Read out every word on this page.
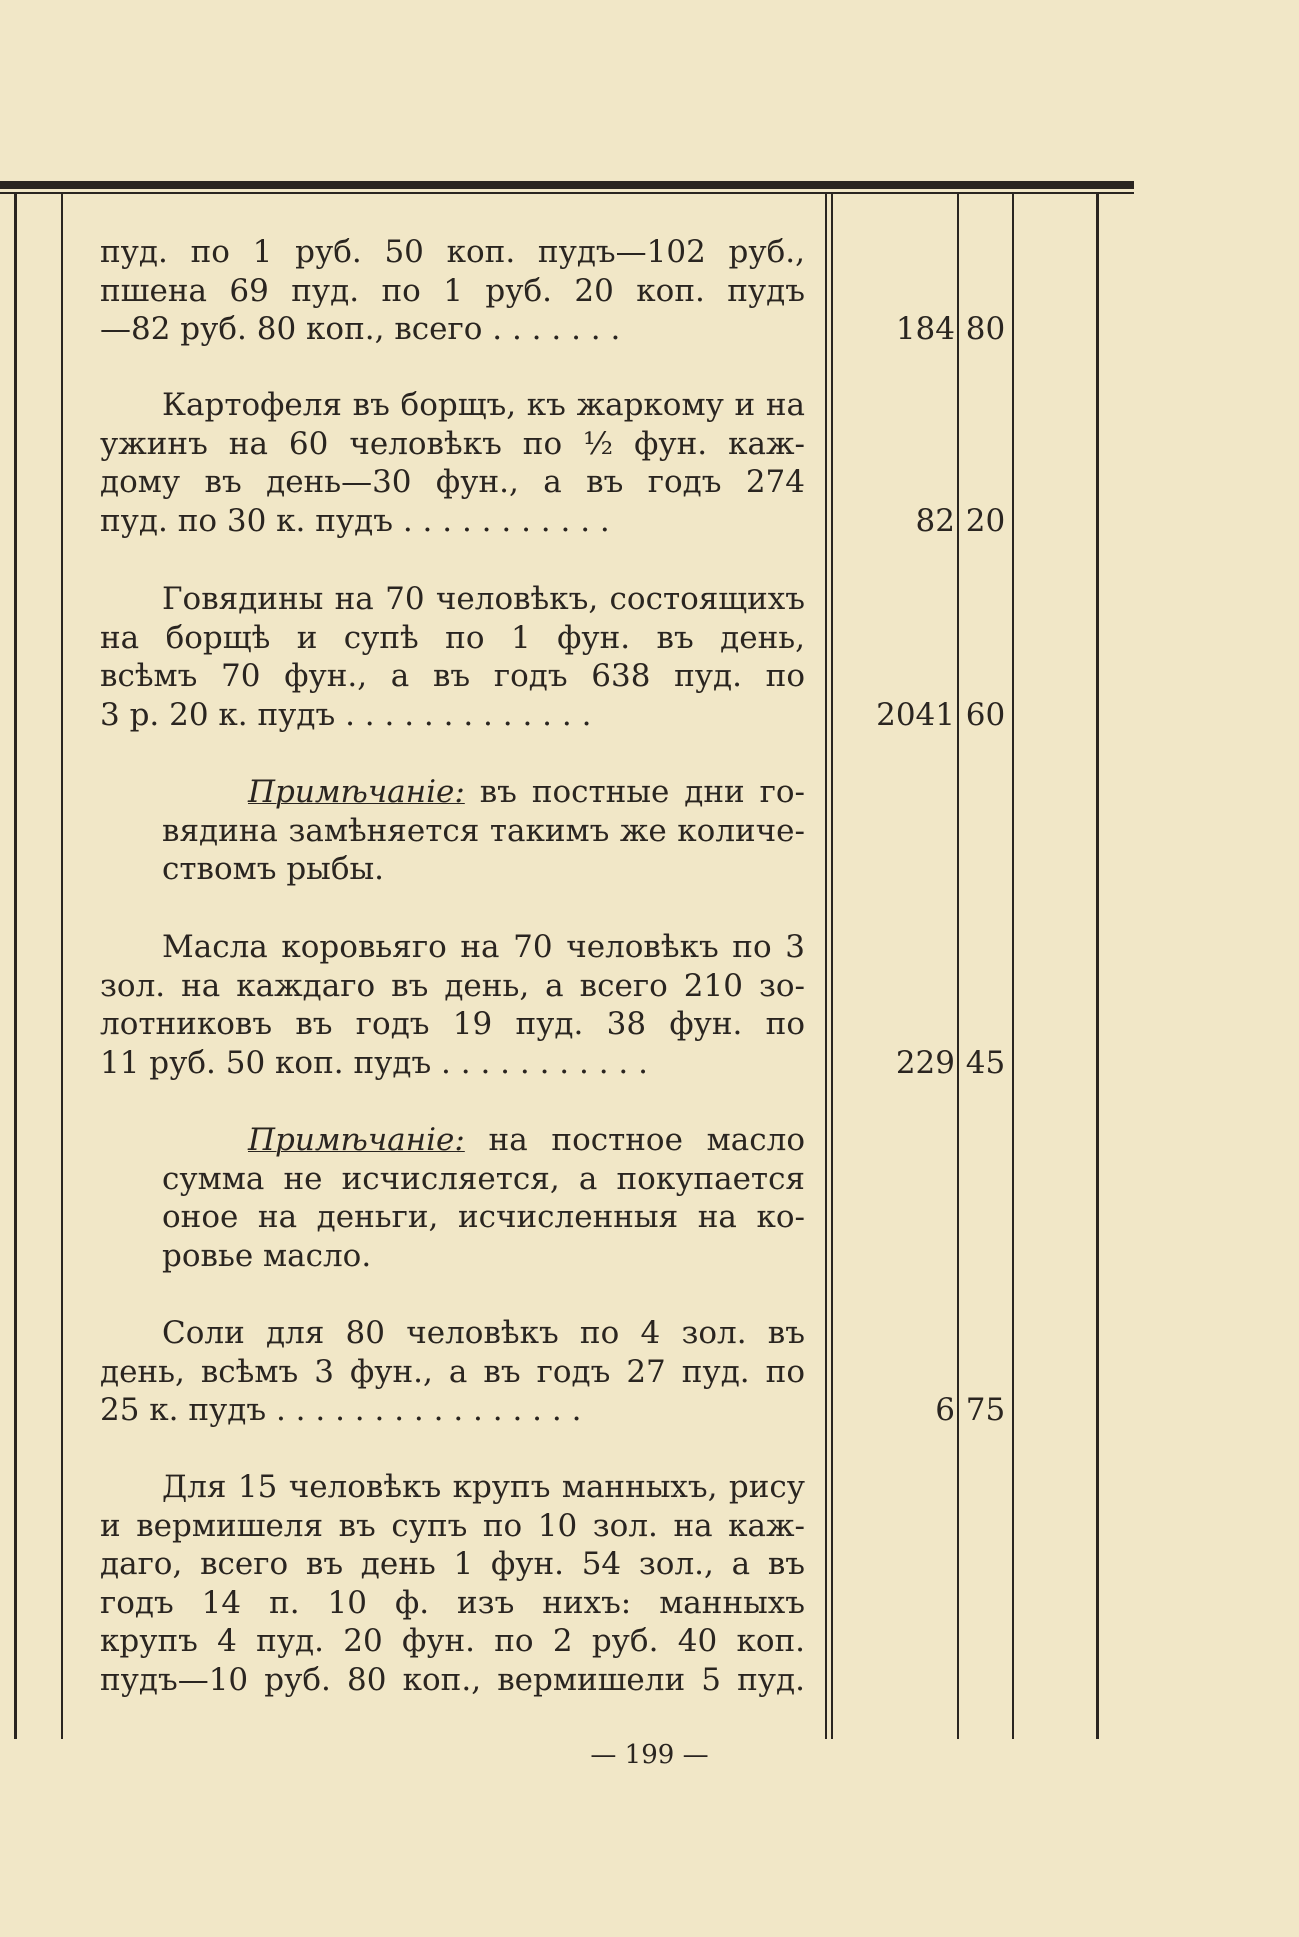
пуд. по 1 руб. 50 коп. пудъ—102 руб.,
пшена 69 пуд. по 1 руб. 20 коп. пудъ
—82 руб. 80 коп., всего . . . . . . .	184 80
Картофеля въ борщъ, къ жаркому и на
ужинъ на 60 человѣкъ по ½ фун. каж-
дому въ день—30 фун., а въ годъ 274
пуд. по 30 к. пудъ . . . . . . . . . . .	82 20
Говядины на 70 человѣкъ, состоящихъ
на борщѣ и супѣ по 1 фун. въ день,
всѣмъ 70 фун., а въ годъ 638 пуд. по
3 р. 20 к. пудъ . . . . . . . . . . . . .	2041 60
Примѣчаніе: въ постные дни го-
вядина замѣняется такимъ же количе-
ствомъ рыбы.
Масла коровьяго на 70 человѣкъ по 3
зол. на каждаго въ день, а всего 210 зо-
лотниковъ въ годъ 19 пуд. 38 фун. по
11 руб. 50 коп. пудъ . . . . . . . . . . .	229 45
Примѣчаніе: на постное масло
сумма не исчисляется, а покупается
оное на деньги, исчисленныя на ко-
ровье масло.
Соли для 80 человѣкъ по 4 зол. въ
день, всѣмъ 3 фун., а въ годъ 27 пуд. по
25 к. пудъ . . . . . . . . . . . . . . . .	6 75
Для 15 человѣкъ крупъ манныхъ, рису
и вермишеля въ супъ по 10 зол. на каж-
даго, всего въ день 1 фун. 54 зол., а въ
годъ 14 п. 10 ф. изъ нихъ: манныхъ
крупъ 4 пуд. 20 фун. по 2 руб. 40 коп.
пудъ—10 руб. 80 коп., вермишели 5 пуд.
— 199 —
